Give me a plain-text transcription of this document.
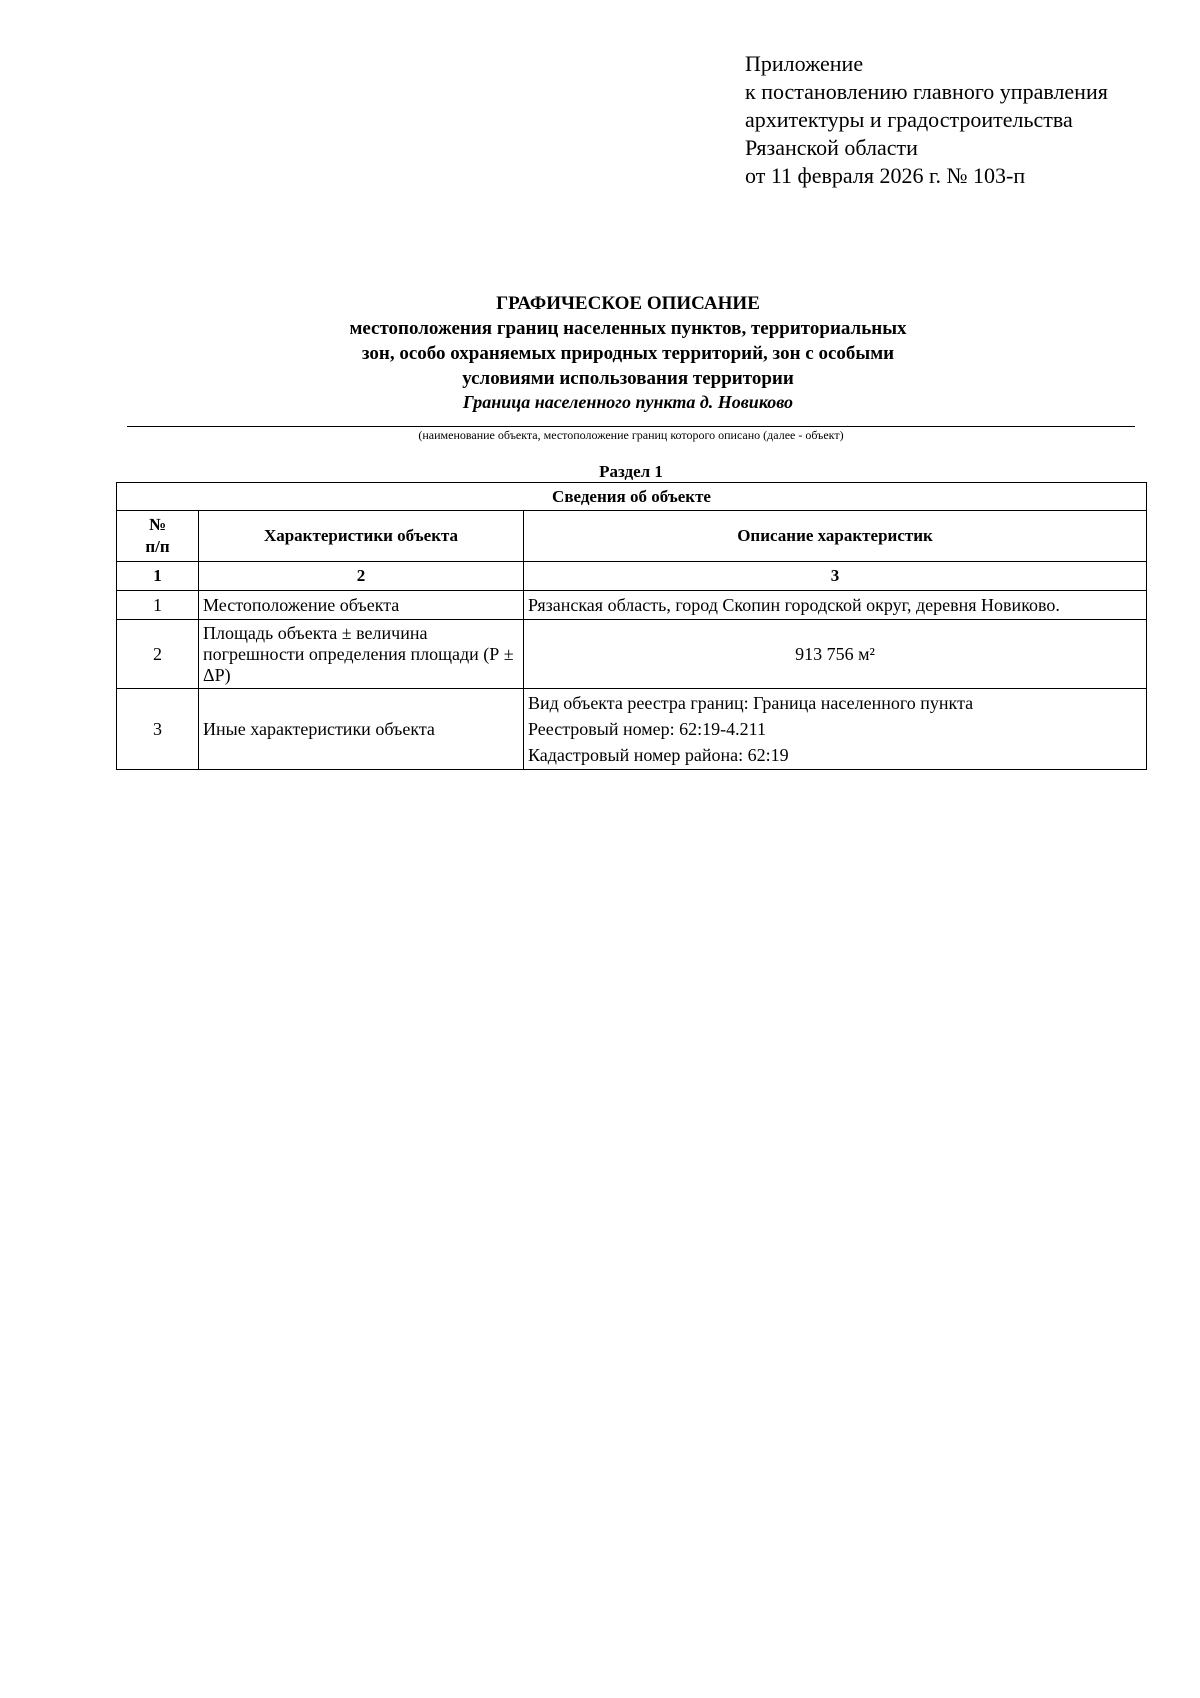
Приложение
к постановлению главного управления
архитектуры и градостроительства
Рязанской области
от 11 февраля 2026 г. № 103-п
ГРАФИЧЕСКОЕ ОПИСАНИЕ
местоположения границ населенных пунктов, территориальных
зон, особо охраняемых природных территорий, зон с особыми
условиями использования территории
Граница населенного пункта д. Новиково
(наименование объекта, местоположение границ которого описано (далее - объект)
Раздел 1
Сведения об объекте		

№
п/п	Характеристики объекта	Описание характеристик
1	2	3
1	Местоположение объекта	Рязанская область, город Скопин городской округ, деревня Новиково.
2	Площадь объекта ± величина погрешности определения площади (Р ± ΔР)	913 756 м²
3	Иные характеристики объекта	Вид объекта реестра границ: Граница населенного пункта
Реестровый номер: 62:19-4.211
Кадастровый номер района: 62:19
